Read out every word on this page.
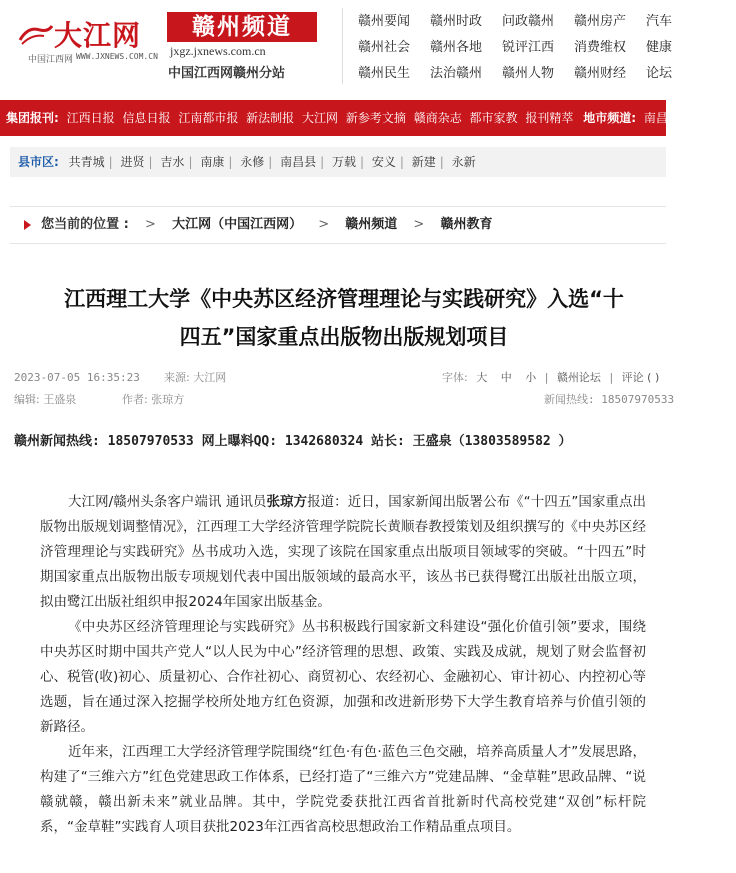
大江网
中国江西网 WWW.JXNEWS.COM.CN
赣州频道
jxgz.jxnews.com.cn
中国江西网赣州分站
赣州要闻	赣州时政	问政赣州	赣州房产	汽车
赣州社会	赣州各地	锐评江西	消费维权	健康
赣州民生	法治赣州	赣州人物	赣州财经	论坛
集团报刊: 江西日报 信息日报 江南都市报 新法制报 大江网 新参考文摘 赣商杂志 都市家教 报刊精萃 地市频道: 南昌 九江 宜春
县市区: 共青城 | 进贤 | 吉水 | 南康 | 永修 | 南昌县 | 万载 | 安义 | 新建 | 永新
您当前的位置 : > 大江网（中国江西网） > 赣州频道 > 赣州教育
江西理工大学《中央苏区经济管理理论与实践研究》入选“十
四五”国家重点出版物出版规划项目
2023-07-05 16:35:23 来源: 大江网	字体: 大 中 小 | 赣州论坛 | 评论 ( )
编辑: 王盛泉	作者: 张琼方	新闻热线: 18507970533
赣州新闻热线: 18507970533 网上曝料QQ: 1342680324 站长: 王盛泉（13803589582 ）

大江网/赣州头条客户端讯 通讯员张琼方报道：近日，国家新闻出版署公布《“十四五”国家重点出版物出版规划调整情况》，江西理工大学经济管理学院院长黄顺春教授策划及组织撰写的《中央苏区经济管理理论与实践研究》丛书成功入选，实现了该院在国家重点出版项目领域零的突破。“十四五”时期国家重点出版物出版专项规划代表中国出版领域的最高水平，该丛书已获得鹭江出版社出版立项，拟由鹭江出版社组织申报2024年国家出版基金。

《中央苏区经济管理理论与实践研究》丛书积极践行国家新文科建设“强化价值引领”要求，围绕中央苏区时期中国共产党人“以人民为中心”经济管理的思想、政策、实践及成就，规划了财会监督初心、税管(收)初心、质量初心、合作社初心、商贸初心、农经初心、金融初心、审计初心、内控初心等选题，旨在通过深入挖掘学校所处地方红色资源，加强和改进新形势下大学生教育培养与价值引领的新路径。

近年来，江西理工大学经济管理学院围绕“红色·有色·蓝色三色交融，培养高质量人才”发展思路，构建了“三维六方”红色党建思政工作体系，已经打造了“三维六方”党建品牌、“金草鞋”思政品牌、“说赣就赣，赣出新未来”就业品牌。其中，学院党委获批江西省首批新时代高校党建“双创”标杆院系，“金草鞋”实践育人项目获批2023年江西省高校思想政治工作精品重点项目。
